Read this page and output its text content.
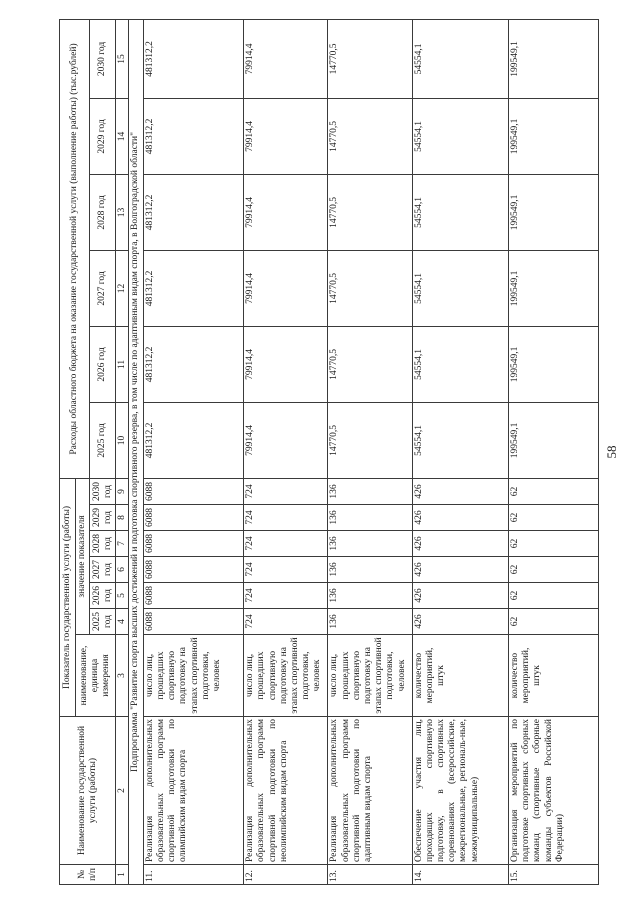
58
№ п/п	Наименование государственной услуги (работы)	Показатель государственной услуги (работы)							Расходы областного бюджета на оказание государственной услуги (выполнение работы) (тыс.рублей)					
		наименование, единица измерения	значение показателя											
			2025 год	2026 год	2027 год	2028 год	2029 год	2030 год	2025 год	2026 год	2027 год	2028 год	2029 год	2030 год
1	2	3	4	5	6	7	8	9	10	11	12	13	14	15
Подпрограмма "Развитие спорта высших достижений и подготовка спортивного резерва, в том числе по адаптивным видам спорта, в Волгоградской области"														
11.	Реализация дополнительных образовательных программ спортивной подготовки по олимпийским видам спорта	число лиц, прошедших спортивную подготовку на этапах спортивной подготовки, человек	6088	6088	6088	6088	6088	6088	481312,2	481312,2	481312,2	481312,2	481312,2	481312,2
12.	Реализация дополнительных образовательных программ спортивной подготовки по неолимпийским видам спорта	число лиц, прошедших спортивную подготовку на этапах спортивной подготовки, человек	724	724	724	724	724	724	79914,4	79914,4	79914,4	79914,4	79914,4	79914,4
13.	Реализация дополнительных образовательных программ спортивной подготовки по адаптивным видам спорта	число лиц, прошедших спортивную подготовку на этапах спортивной подготовки, человек	136	136	136	136	136	136	14770,5	14770,5	14770,5	14770,5	14770,5	14770,5
14.	Обеспечение участия лиц, проходящих спортивную подготовку, в спортивных соревнованиях (всероссийские, межрегиональные, региональ-ные, межмуниципальные)	количество мероприятий, штук	426	426	426	426	426	426	54554,1	54554,1	54554,1	54554,1	54554,1	54554,1
15.	Организация мероприятий по подготовке спортивных сборных команд (спортивные сборные команды субъектов Российской Федерации)	количество мероприятий, штук	62	62	62	62	62	62	199549,1	199549,1	199549,1	199549,1	199549,1	199549,1
